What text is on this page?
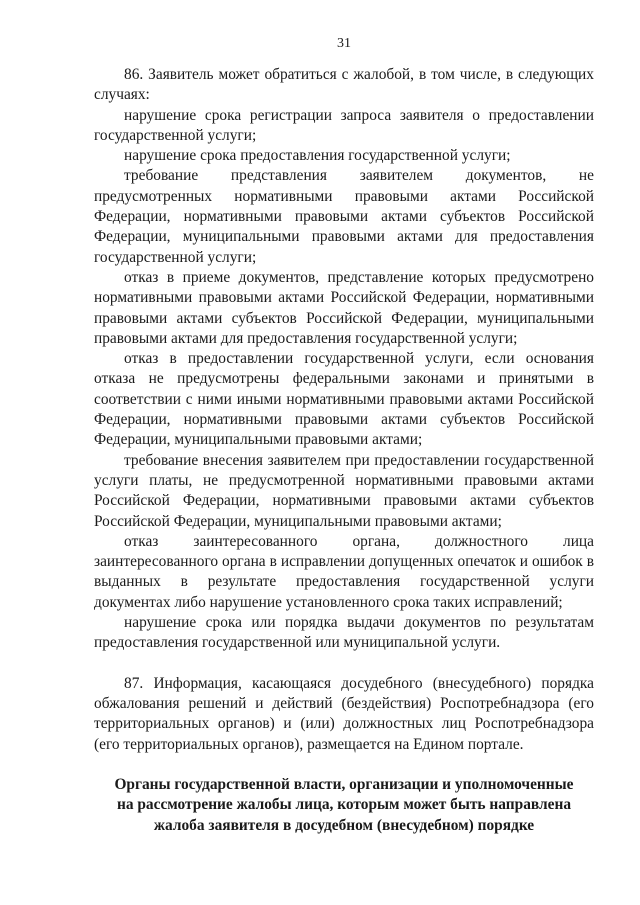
31

86. Заявитель может обратиться с жалобой, в том числе, в следующих случаях:

нарушение срока регистрации запроса заявителя о предоставлении государственной услуги;

нарушение срока предоставления государственной услуги;

требование представления заявителем документов, не предусмотренных нормативными правовыми актами Российской Федерации, нормативными правовыми актами субъектов Российской Федерации, муниципальными правовыми актами для предоставления государственной услуги;

отказ в приеме документов, представление которых предусмотрено нормативными правовыми актами Российской Федерации, нормативными правовыми актами субъектов Российской Федерации, муниципальными правовыми актами для предоставления государственной услуги;

отказ в предоставлении государственной услуги, если основания отказа не предусмотрены федеральными законами и принятыми в соответствии с ними иными нормативными правовыми актами Российской Федерации, нормативными правовыми актами субъектов Российской Федерации, муниципальными правовыми актами;

требование внесения заявителем при предоставлении государственной услуги платы, не предусмотренной нормативными правовыми актами Российской Федерации, нормативными правовыми актами субъектов Российской Федерации, муниципальными правовыми актами;

отказ заинтересованного органа, должностного лица заинтересованного органа в исправлении допущенных опечаток и ошибок в выданных в результате предоставления государственной услуги документах либо нарушение установленного срока таких исправлений;

нарушение срока или порядка выдачи документов по результатам предоставления государственной или муниципальной услуги.

87. Информация, касающаяся досудебного (внесудебного) порядка обжалования решений и действий (бездействия) Роспотребнадзора (его территориальных органов) и (или) должностных лиц Роспотребнадзора (его территориальных органов), размещается на Едином портале.

Органы государственной власти, организации и уполномоченные

на рассмотрение жалобы лица, которым может быть направлена

жалоба заявителя в досудебном (внесудебном) порядке
